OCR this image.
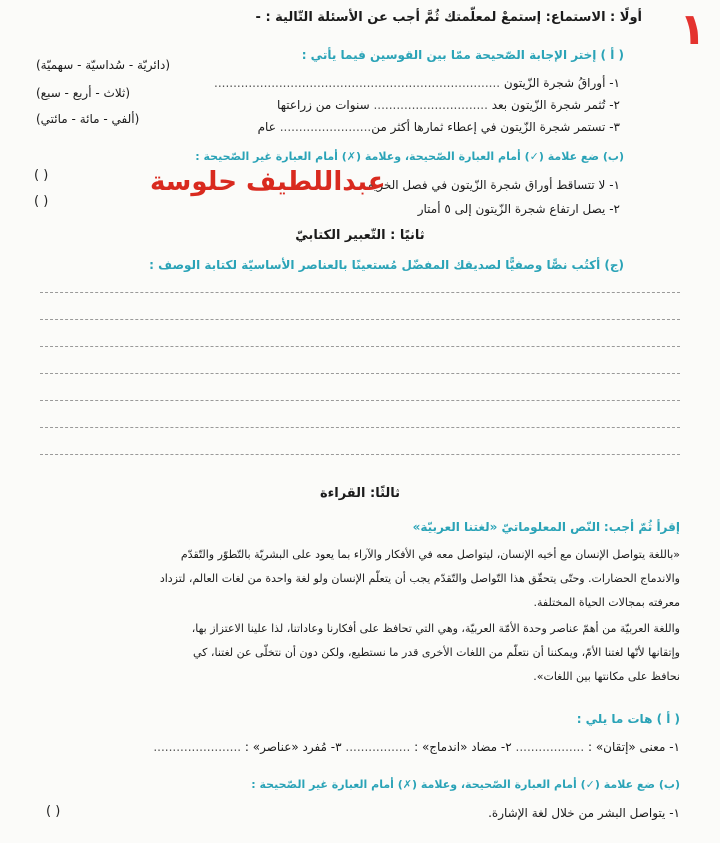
١
أولًا : الاستماع: إستمعْ لمعلّمتك ثُمَّ أجب عن الأسئلة التّالية : -
( أ ) إختر الإجابة الصّحيحة ممّا بين القوسين فيما يأتي :
١- أوراقُ شجرة الزّيتون ...........................................................................
٢- تُثمر شجرة الزّيتون بعد .............................. سنوات من زراعتها
٣- تستمر شجرة الزّيتون في إعطاء ثمارها أكثر من........................ عام
(دائريّة - سُداسيّة - سهميّة)
(ثلاث - أربع - سبع)
(ألفي - مائة - مائتي)
(ب) ضع علامة (✓) أمام العبارة الصّحيحة، وعلامة (✗) أمام العبارة غير الصّحيحة :
١- لا تتساقط أوراق شجرة الزّيتون في فصل الخريف
٢- يصل ارتفاع شجرة الزّيتون إلى ٥ أمتار
( )
( )
عبداللطيف حلوسة
ثانيًا : التّعبير الكتابيّ
(ج) أكتُب نصًّا وصفيًّا لصديقك المفضّل مُستعينًا بالعناصر الأساسيّة لكتابة الوصف :
ثالثًا: القراءة
إقرأ ثُمّ أجب: النّص المعلوماتيّ «لغتنا العربيّة»
«باللغة يتواصل الإنسان مع أخيه الإنسان، ليتواصل معه في الأفكار والآراء بما يعود على البشريّة بالتّطوّر والتّقدّم
والاندماج الحضارات. وحتّى يتحقّق هذا التّواصل والتّقدّم يجب أن يتعلّم الإنسان ولو لغة واحدة من لغات العالم، لتزداد
معرفته بمجالات الحياة المختلفة.
واللغة العربيّة من أهمّ عناصر وحدة الأمّة العربيّة، وهي التي تحافظ على أفكارنا وعاداتنا، لذا علينا الاعتزاز بها،
وإتقانها لأنّها لغتنا الأمّ، ويمكننا أن نتعلّم من اللغات الأخرى قدر ما نستطيع، ولكن دون أن نتخلّى عن لغتنا، كي
نحافظ على مكانتها بين اللغات».
( أ ) هات ما يلي :
١- معنى «إتقان» : .................. ٢- مضاد «اندماج» : ................. ٣- مُفرد «عناصر» : .......................
(ب) ضع علامة (✓) أمام العبارة الصّحيحة، وعلامة (✗) أمام العبارة غير الصّحيحة :
١- يتواصل البشر من خلال لغة الإشارة.
( )
